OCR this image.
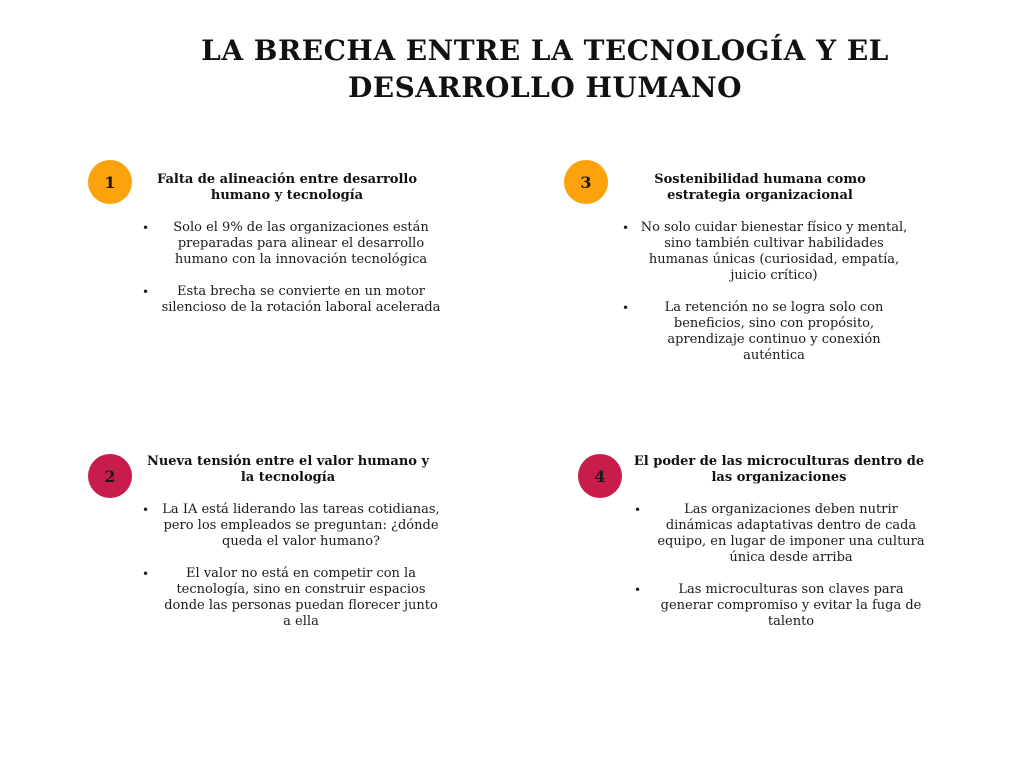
LA BRECHA ENTRE LA TECNOLOGÍA Y EL
DESARROLLO HUMANO
1	Falta de alineación entre desarrollo humano y tecnología
• Solo el 9% de las organizaciones están preparadas para alinear el desarrollo humano con la innovación tecnológica
• Esta brecha se convierte en un motor silencioso de la rotación laboral acelerada
3	Sostenibilidad humana como estrategia organizacional
• No solo cuidar bienestar físico y mental, sino también cultivar habilidades humanas únicas (curiosidad, empatía, juicio crítico)
•	La retención no se logra solo con beneficios, sino con propósito, aprendizaje continuo y conexión auténtica
2
Nueva tensión entre el valor humano y la tecnología
• La IA está liderando las tareas cotidianas, pero los empleados se preguntan: ¿dónde queda el valor humano?
•	El valor no está en competir con la tecnología, sino en construir espacios donde las personas puedan florecer junto a ella
4
El poder de las microculturas dentro de las organizaciones
•	Las organizaciones deben nutrir dinámicas adaptativas dentro de cada equipo, en lugar de imponer una cultura única desde arriba
•	Las microculturas son claves para generar compromiso y evitar la fuga de talento
